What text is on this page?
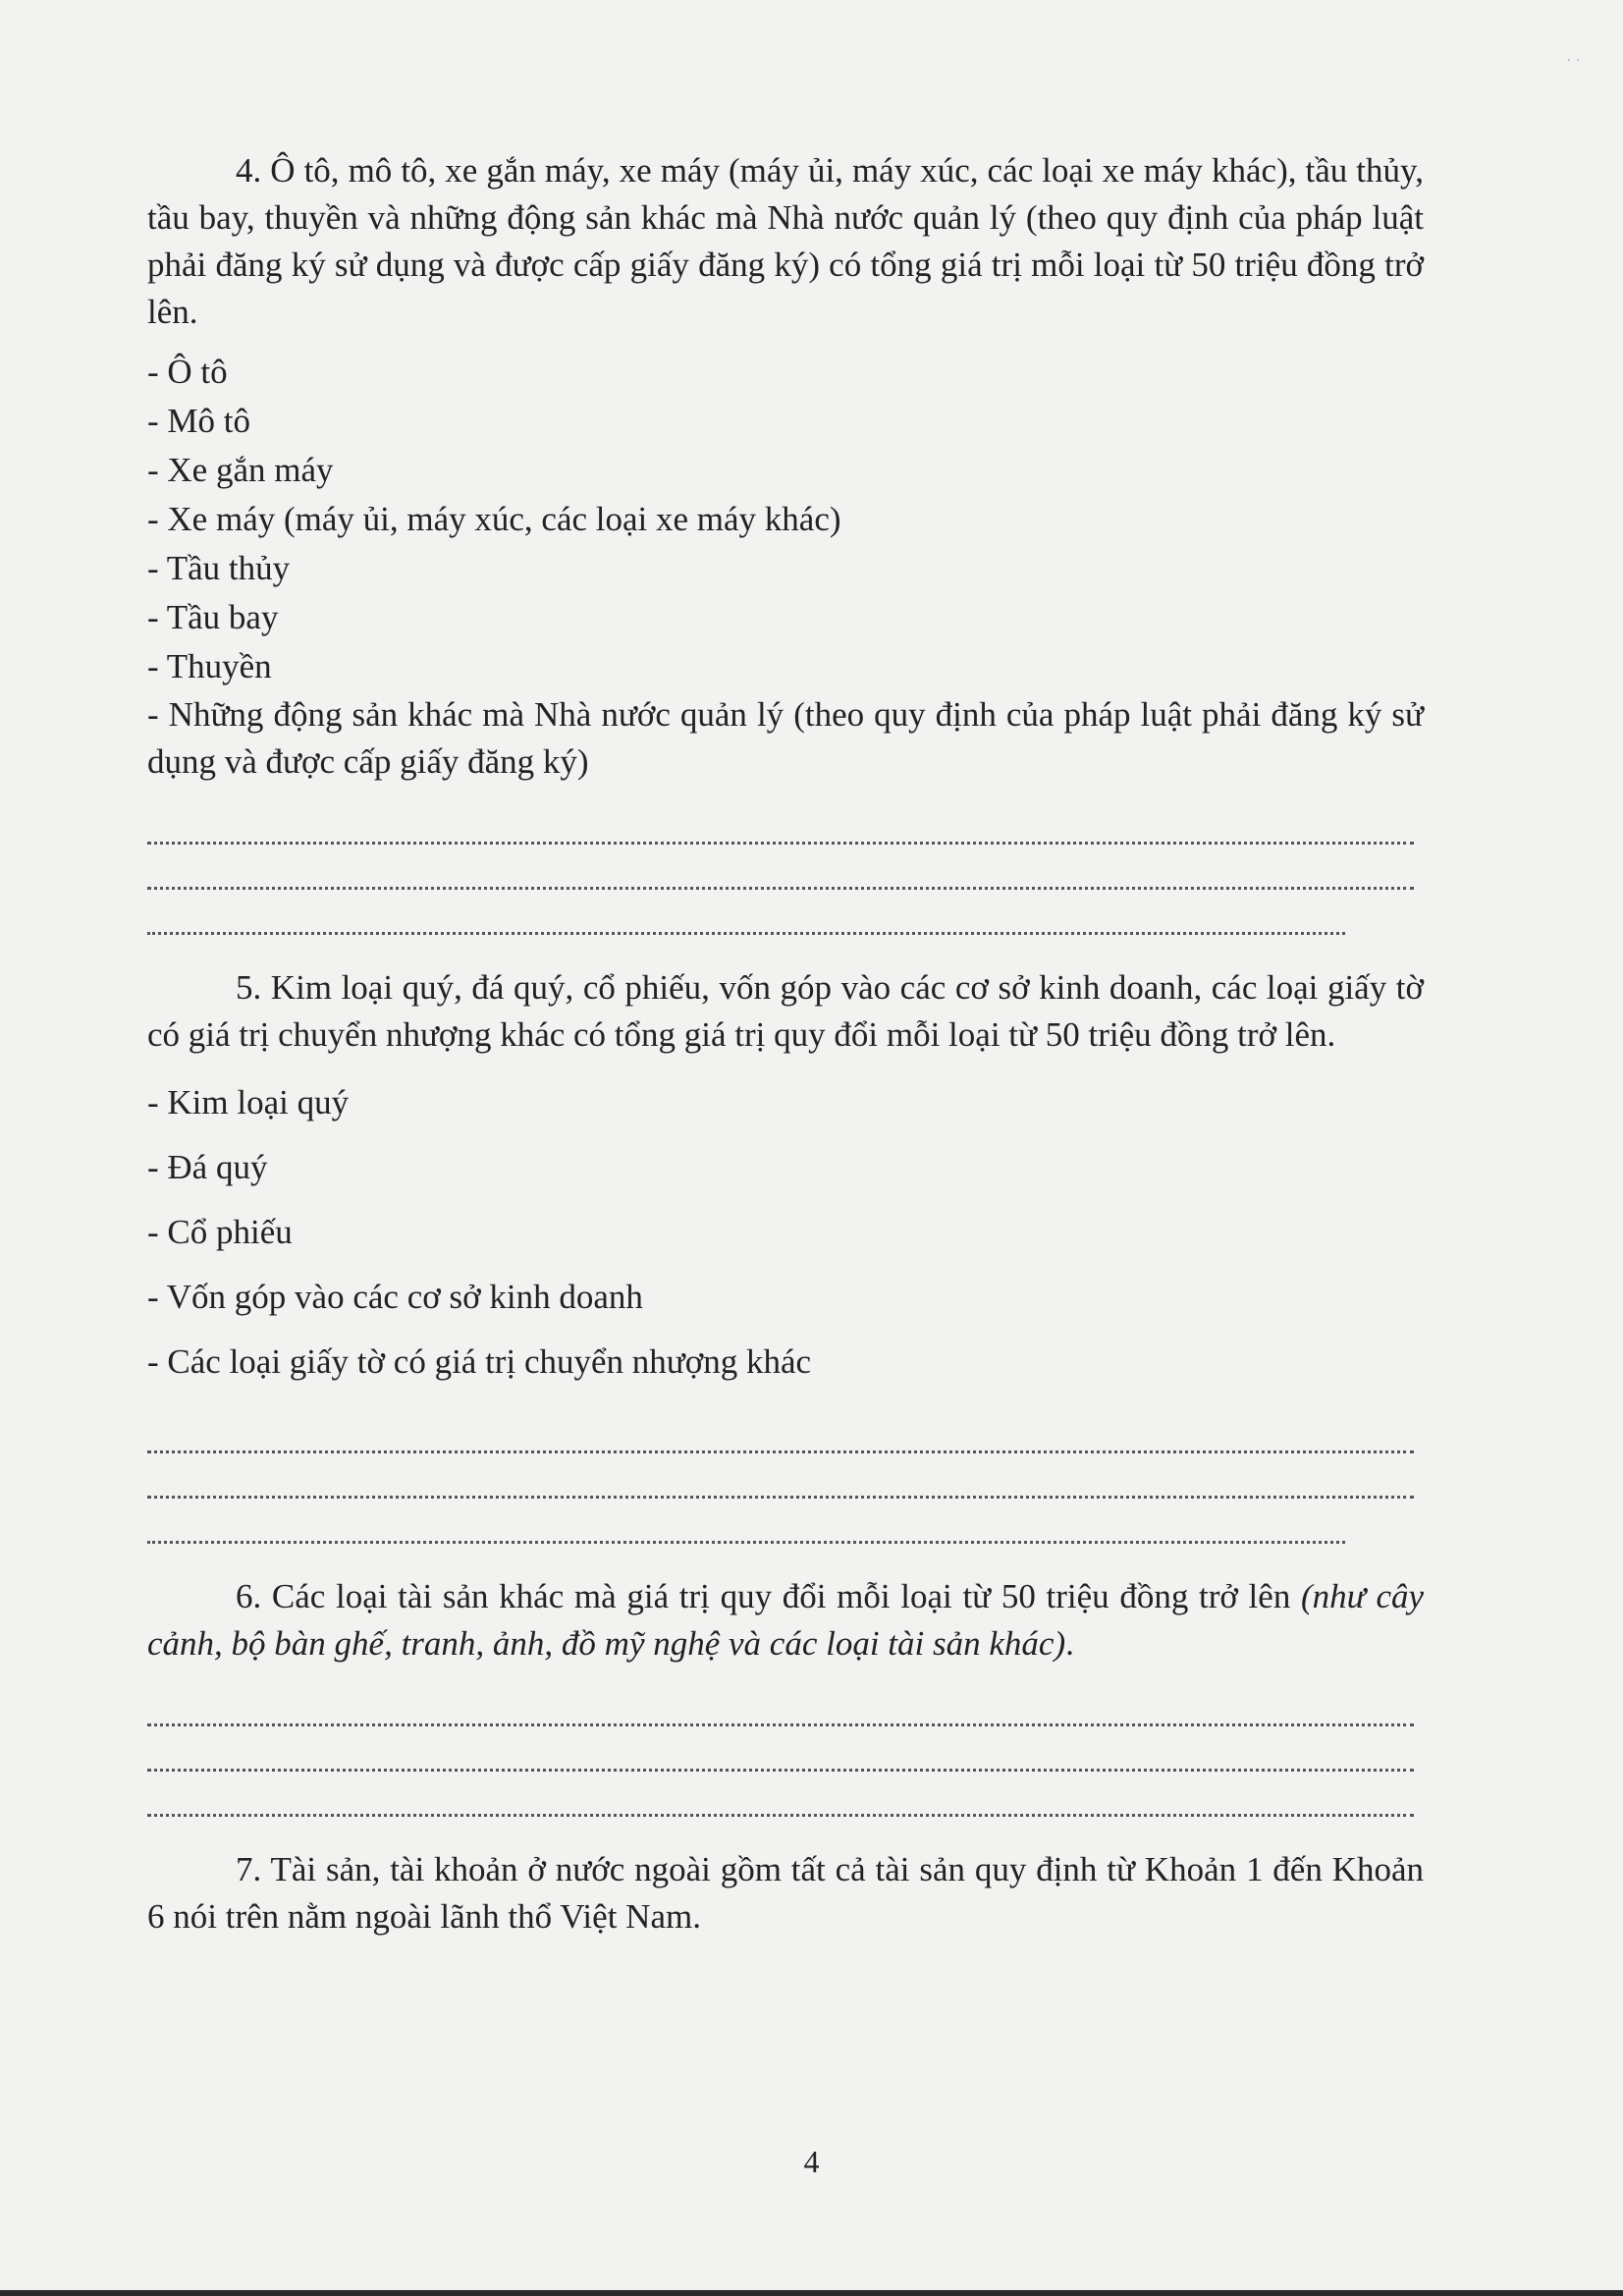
˙ ˙

4. Ô tô, mô tô, xe gắn máy, xe máy (máy ủi, máy xúc, các loại xe máy khác), tầu thủy, tầu bay, thuyền và những động sản khác mà Nhà nước quản lý (theo quy định của pháp luật phải đăng ký sử dụng và được cấp giấy đăng ký) có tổng giá trị mỗi loại từ 50 triệu đồng trở lên.

- Ô tô
- Mô tô
- Xe gắn máy
- Xe máy (máy ủi, máy xúc, các loại xe máy khác)
- Tầu thủy
- Tầu bay
- Thuyền
- Những động sản khác mà Nhà nước quản lý (theo quy định của pháp luật phải đăng ký sử dụng và được cấp giấy đăng ký)

5. Kim loại quý, đá quý, cổ phiếu, vốn góp vào các cơ sở kinh doanh, các loại giấy tờ có giá trị chuyển nhượng khác có tổng giá trị quy đổi mỗi loại từ 50 triệu đồng trở lên.

- Kim loại quý
- Đá quý
- Cổ phiếu
- Vốn góp vào các cơ sở kinh doanh
- Các loại giấy tờ có giá trị chuyển nhượng khác

6. Các loại tài sản khác mà giá trị quy đổi mỗi loại từ 50 triệu đồng trở lên (như cây cảnh, bộ bàn ghế, tranh, ảnh, đồ mỹ nghệ và các loại tài sản khác).

7. Tài sản, tài khoản ở nước ngoài gồm tất cả tài sản quy định từ Khoản 1 đến Khoản 6 nói trên nằm ngoài lãnh thổ Việt Nam.

4
